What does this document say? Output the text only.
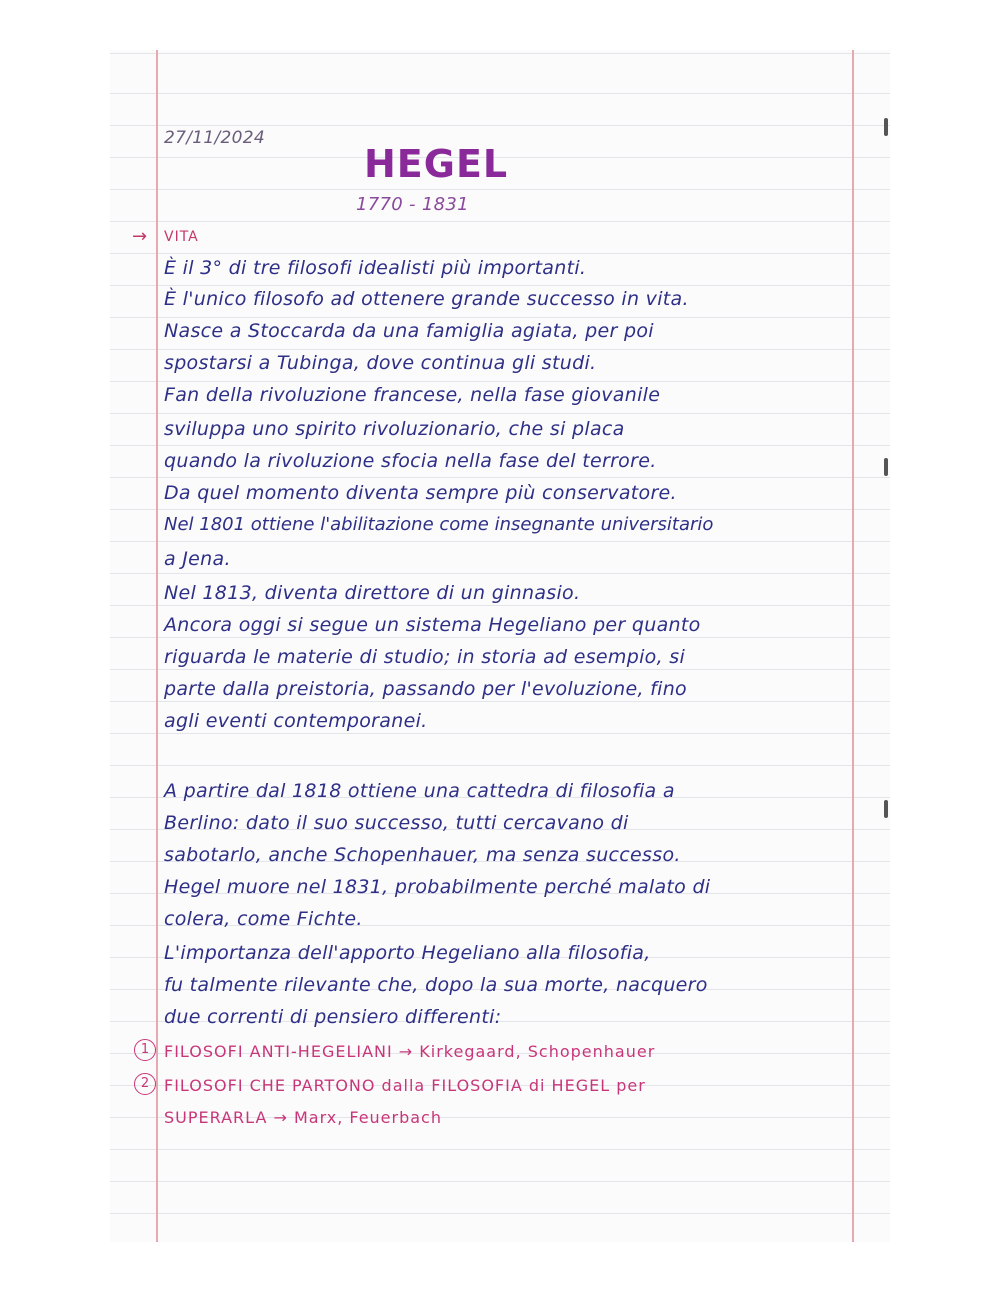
27/11/2024
HEGEL
1770 - 1831
→ VITA
È il 3° di tre filosofi idealisti più importanti.
È l'unico filosofo ad ottenere grande successo in vita.
Nasce a Stoccarda da una famiglia agiata, per poi
spostarsi a Tubinga, dove continua gli studi.
Fan della rivoluzione francese, nella fase giovanile
sviluppa uno spirito rivoluzionario, che si placa
quando la rivoluzione sfocia nella fase del terrore.
Da quel momento diventa sempre più conservatore.
Nel 1801 ottiene l'abilitazione come insegnante universitario
a Jena.
Nel 1813, diventa direttore di un ginnasio.
Ancora oggi si segue un sistema Hegeliano per quanto
riguarda le materie di studio; in storia ad esempio, si
parte dalla preistoria, passando per l'evoluzione, fino
agli eventi contemporanei.
A partire dal 1818 ottiene una cattedra di filosofia a
Berlino: dato il suo successo, tutti cercavano di
sabotarlo, anche Schopenhauer, ma senza successo.
Hegel muore nel 1831, probabilmente perché malato di
colera, come Fichte.
L'importanza dell'apporto Hegeliano alla filosofia,
fu talmente rilevante che, dopo la sua morte, nacquero
due correnti di pensiero differenti:
1 FILOSOFI ANTI-HEGELIANI → Kirkegaard, Schopenhauer
2 FILOSOFI CHE PARTONO dalla FILOSOFIA di HEGEL per
SUPERARLA → Marx, Feuerbach
